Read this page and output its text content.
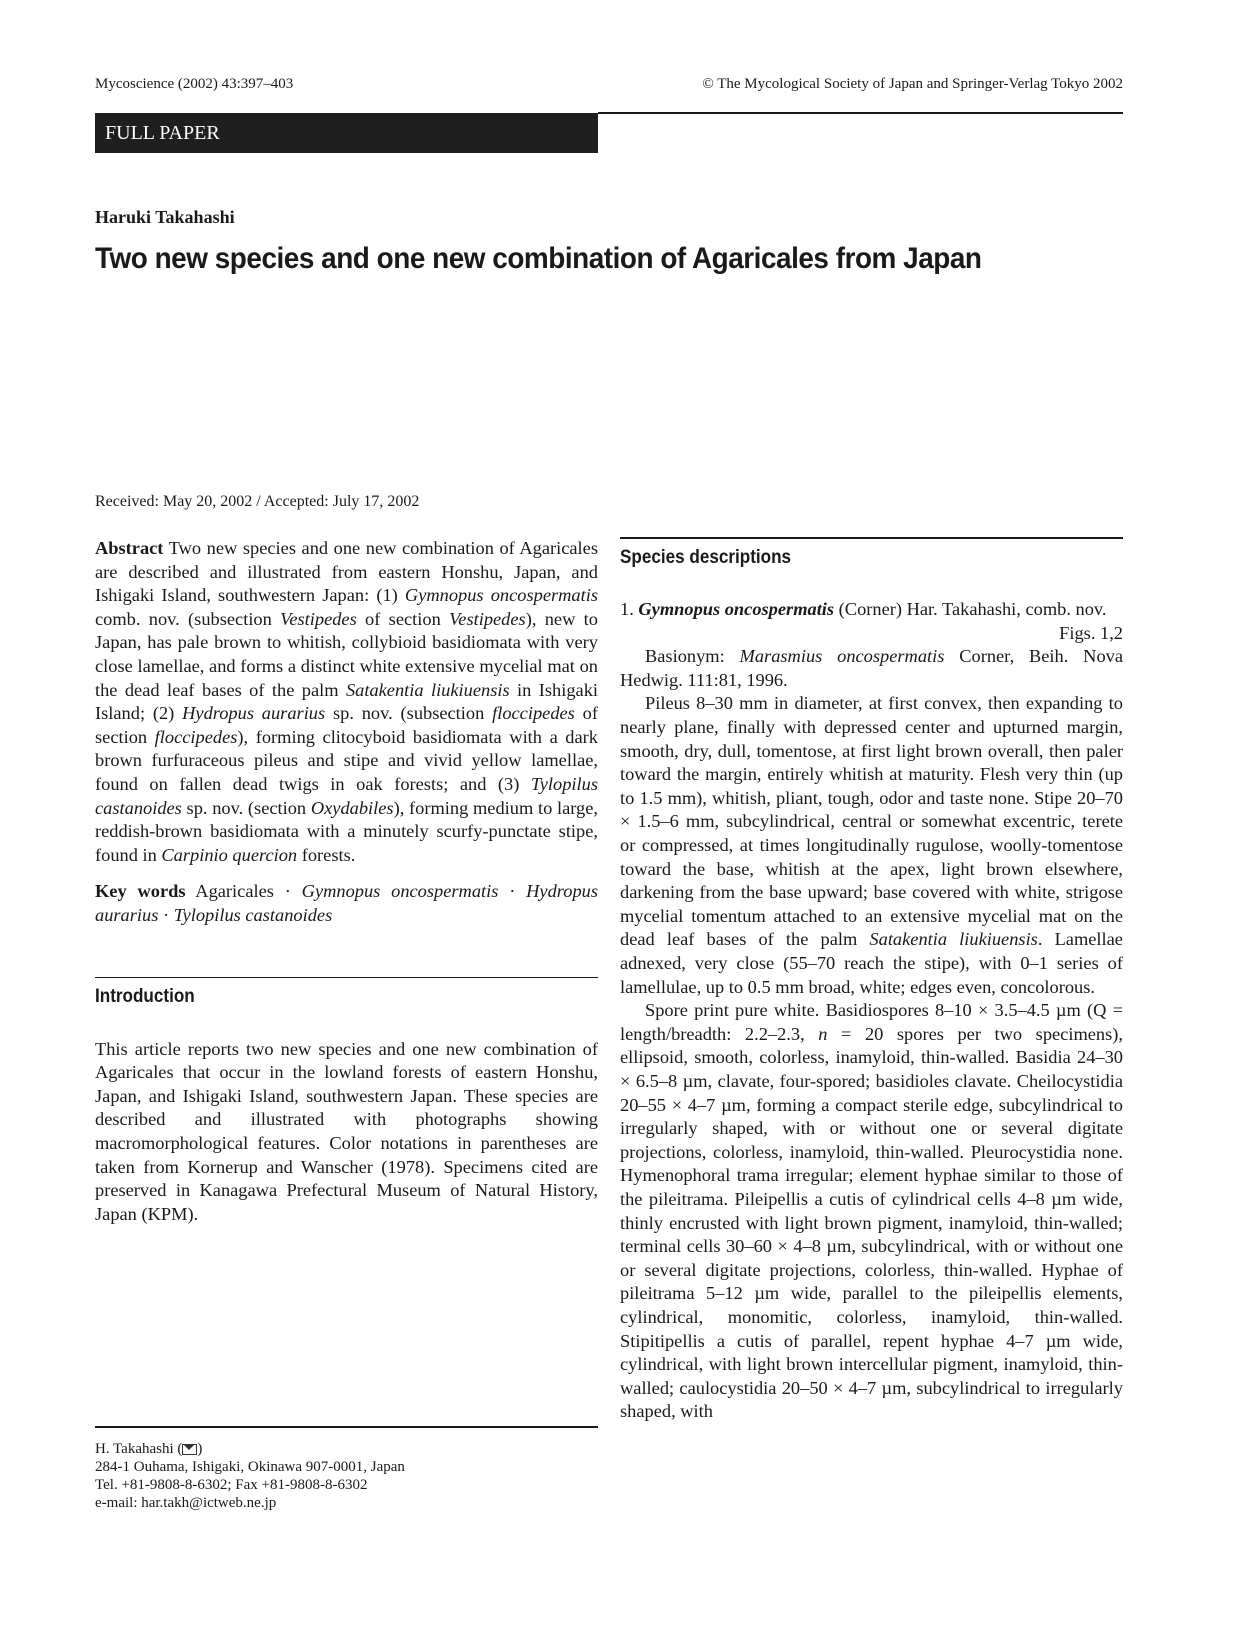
Mycoscience (2002) 43:397–403	© The Mycological Society of Japan and Springer-Verlag Tokyo 2002
FULL PAPER
Haruki Takahashi
Two new species and one new combination of Agaricales from Japan
Received: May 20, 2002 / Accepted: July 17, 2002

Abstract Two new species and one new combination of Agaricales are described and illustrated from eastern Honshu, Japan, and Ishigaki Island, southwestern Japan: (1) Gymnopus oncospermatis comb. nov. (subsection Vestipedes of section Vestipedes), new to Japan, has pale brown to whitish, collybioid basidiomata with very close lamellae, and forms a distinct white extensive mycelial mat on the dead leaf bases of the palm Satakentia liukiuensis in Ishigaki Island; (2) Hydropus aurarius sp. nov. (subsection floccipedes of section floccipedes), forming clitocyboid basidiomata with a dark brown furfuraceous pileus and stipe and vivid yellow lamellae, found on fallen dead twigs in oak forests; and (3) Tylopilus castanoides sp. nov. (section Oxydabiles), forming medium to large, reddish-brown basidiomata with a minutely scurfy-punctate stipe, found in Carpinio quercion forests.

Key words Agaricales · Gymnopus oncospermatis · Hydropus aurarius · Tylopilus castanoides

Introduction

This article reports two new species and one new combination of Agaricales that occur in the lowland forests of eastern Honshu, Japan, and Ishigaki Island, southwestern Japan. These species are described and illustrated with photographs showing macromorphological features. Color notations in parentheses are taken from Kornerup and Wanscher (1978). Specimens cited are preserved in Kanagawa Prefectural Museum of Natural History, Japan (KPM).

H. Takahashi ( )
284-1 Ouhama, Ishigaki, Okinawa 907-0001, Japan
Tel. +81-9808-8-6302; Fax +81-9808-8-6302
e-mail: har.takh@ictweb.ne.jp
Species descriptions

1. Gymnopus oncospermatis (Corner) Har. Takahashi, comb. nov.
Figs. 1,2

Basionym: Marasmius oncospermatis Corner, Beih. Nova Hedwig. 111:81, 1996.

Pileus 8–30 mm in diameter, at first convex, then expanding to nearly plane, finally with depressed center and upturned margin, smooth, dry, dull, tomentose, at first light brown overall, then paler toward the margin, entirely whitish at maturity. Flesh very thin (up to 1.5 mm), whitish, pliant, tough, odor and taste none. Stipe 20–70 × 1.5–6 mm, subcylindrical, central or somewhat excentric, terete or compressed, at times longitudinally rugulose, woolly-tomentose toward the base, whitish at the apex, light brown elsewhere, darkening from the base upward; base covered with white, strigose mycelial tomentum attached to an extensive mycelial mat on the dead leaf bases of the palm Satakentia liukiuensis. Lamellae adnexed, very close (55–70 reach the stipe), with 0–1 series of lamellulae, up to 0.5 mm broad, white; edges even, concolorous.

Spore print pure white. Basidiospores 8–10 × 3.5–4.5 µm (Q = length/breadth: 2.2–2.3, n = 20 spores per two specimens), ellipsoid, smooth, colorless, inamyloid, thin-walled. Basidia 24–30 × 6.5–8 µm, clavate, four-spored; basidioles clavate. Cheilocystidia 20–55 × 4–7 µm, forming a compact sterile edge, subcylindrical to irregularly shaped, with or without one or several digitate projections, colorless, inamyloid, thin-walled. Pleurocystidia none. Hymenophoral trama irregular; element hyphae similar to those of the pileitrama. Pileipellis a cutis of cylindrical cells 4–8 µm wide, thinly encrusted with light brown pigment, inamyloid, thin-walled; terminal cells 30–60 × 4–8 µm, subcylindrical, with or without one or several digitate projections, colorless, thin-walled. Hyphae of pileitrama 5–12 µm wide, parallel to the pileipellis elements, cylindrical, monomitic, colorless, inamyloid, thin-walled. Stipitipellis a cutis of parallel, repent hyphae 4–7 µm wide, cylindrical, with light brown intercellular pigment, inamyloid, thin-walled; caulocystidia 20–50 × 4–7 µm, subcylindrical to irregularly shaped, with
